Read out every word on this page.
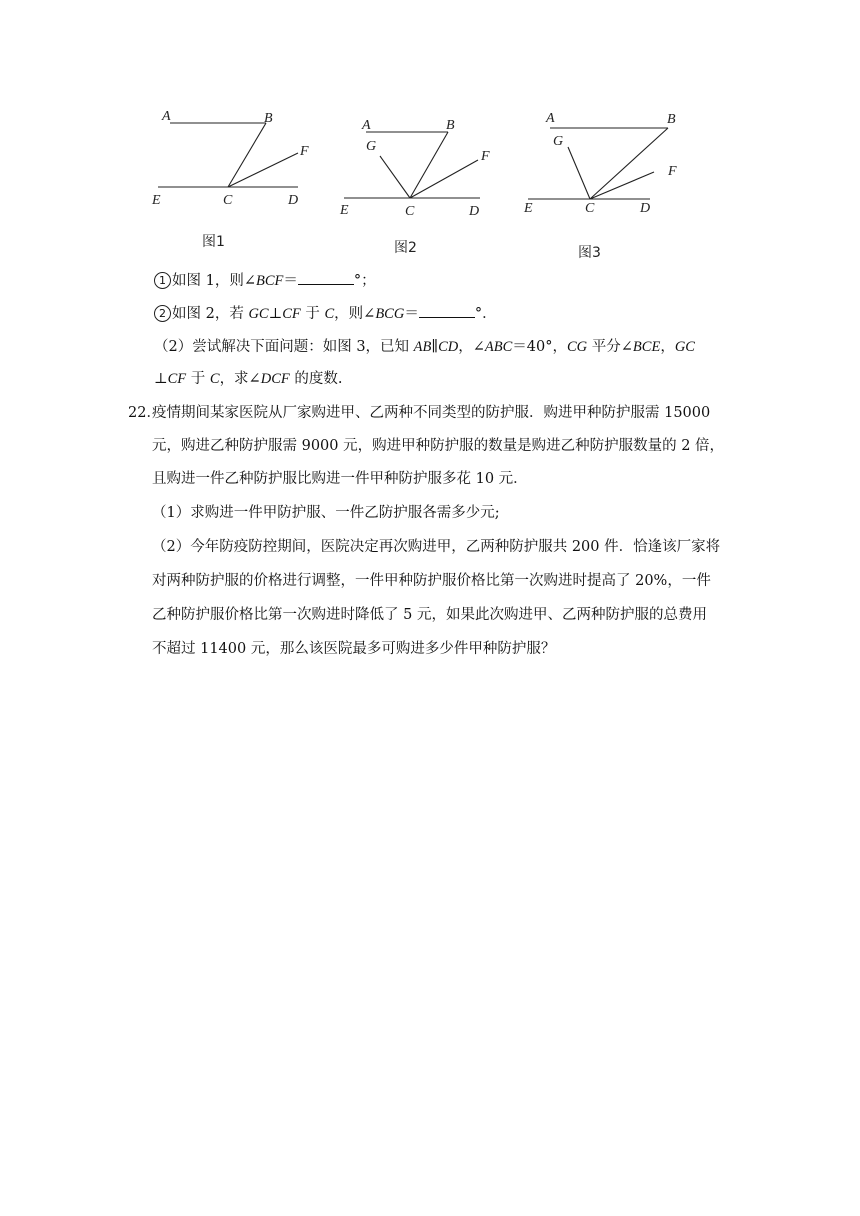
A	B
F
E	C	D
图1
A	B
G
F
E	C	D
图2
A	B
G
F
E	C	D
图3
1 如图 1，则∠BCF＝	°；
2 如图 2，若 GC⊥CF 于 C，则∠BCG＝	°．
（2）尝试解决下面问题：如图 3，已知 AB∥CD，∠ABC＝40°，CG 平分∠BCE，GC
⊥CF 于 C，求∠DCF 的度数.
22．
疫情期间某家医院从厂家购进甲、乙两种不同类型的防护服．购进甲种防护服需 15000
元，购进乙种防护服需 9000 元，购进甲种防护服的数量是购进乙种防护服数量的 2 倍，
且购进一件乙种防护服比购进一件甲种防护服多花 10 元．
（1）求购进一件甲防护服、一件乙防护服各需多少元;
（2）今年防疫防控期间，医院决定再次购进甲，乙两种防护服共 200 件．恰逢该厂家将
对两种防护服的价格进行调整，一件甲种防护服价格比第一次购进时提高了 20%，一件
乙种防护服价格比第一次购进时降低了 5 元，如果此次购进甲、乙两种防护服的总费用
不超过 11400 元，那么该医院最多可购进多少件甲种防护服？
